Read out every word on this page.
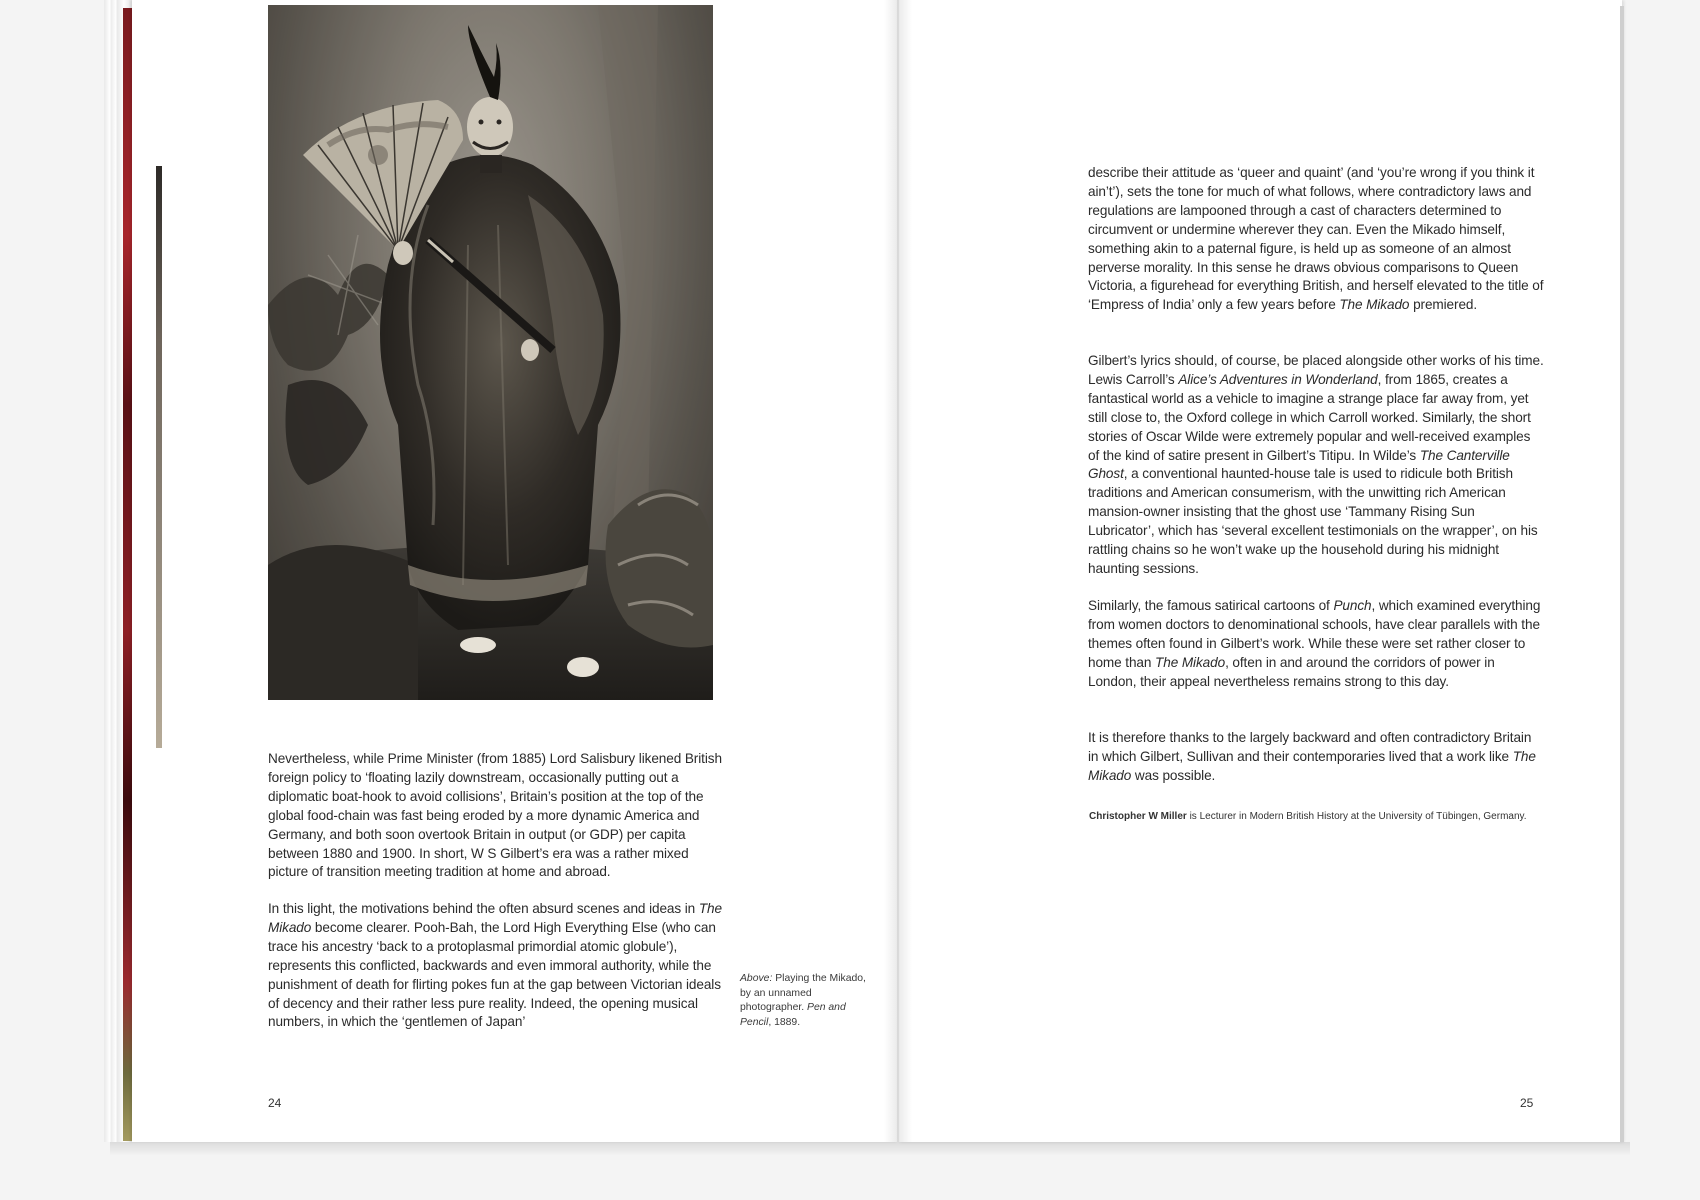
Nevertheless, while Prime Minister (from 1885) Lord Salisbury likened British foreign policy to ‘floating lazily downstream, occasionally putting out a diplomatic boat-hook to avoid collisions’, Britain’s position at the top of the global food-chain was fast being eroded by a more dynamic America and Germany, and both soon overtook Britain in output (or GDP) per capita between 1880 and 1900. In short, W S Gilbert’s era was a rather mixed picture of transition meeting tradition at home and abroad.

In this light, the motivations behind the often absurd scenes and ideas in The Mikado become clearer. Pooh-Bah, the Lord High Everything Else (who can trace his ancestry ‘back to a protoplasmal primordial atomic globule’), represents this conflicted, backwards and even immoral authority, while the punishment of death for flirting pokes fun at the gap between Victorian ideals of decency and their rather less pure reality. Indeed, the opening musical numbers, in which the ‘gentlemen of Japan’

Above: Playing the Mikado, by an unnamed photographer. Pen and Pencil, 1889.
24

describe their attitude as ‘queer and quaint’ (and ‘you’re wrong if you think it ain’t’), sets the tone for much of what follows, where contradictory laws and regulations are lampooned through a cast of characters determined to circumvent or undermine wherever they can. Even the Mikado himself, something akin to a paternal figure, is held up as someone of an almost perverse morality. In this sense he draws obvious comparisons to Queen Victoria, a figurehead for everything British, and herself elevated to the title of ‘Empress of India’ only a few years before The Mikado premiered.

Gilbert’s lyrics should, of course, be placed alongside other works of his time. Lewis Carroll’s Alice’s Adventures in Wonderland, from 1865, creates a fantastical world as a vehicle to imagine a strange place far away from, yet still close to, the Oxford college in which Carroll worked. Similarly, the short stories of Oscar Wilde were extremely popular and well-received examples of the kind of satire present in Gilbert’s Titipu. In Wilde’s The Canterville Ghost, a conventional haunted-house tale is used to ridicule both British traditions and American consumerism, with the unwitting rich American mansion-owner insisting that the ghost use ‘Tammany Rising Sun Lubricator’, which has ‘several excellent testimonials on the wrapper’, on his rattling chains so he won’t wake up the household during his midnight haunting sessions.

Similarly, the famous satirical cartoons of Punch, which examined everything from women doctors to denominational schools, have clear parallels with the themes often found in Gilbert’s work. While these were set rather closer to home than The Mikado, often in and around the corridors of power in London, their appeal nevertheless remains strong to this day.

It is therefore thanks to the largely backward and often contradictory Britain in which Gilbert, Sullivan and their contemporaries lived that a work like The Mikado was possible.

Christopher W Miller is Lecturer in Modern British History at the University of Tübingen, Germany.
25
